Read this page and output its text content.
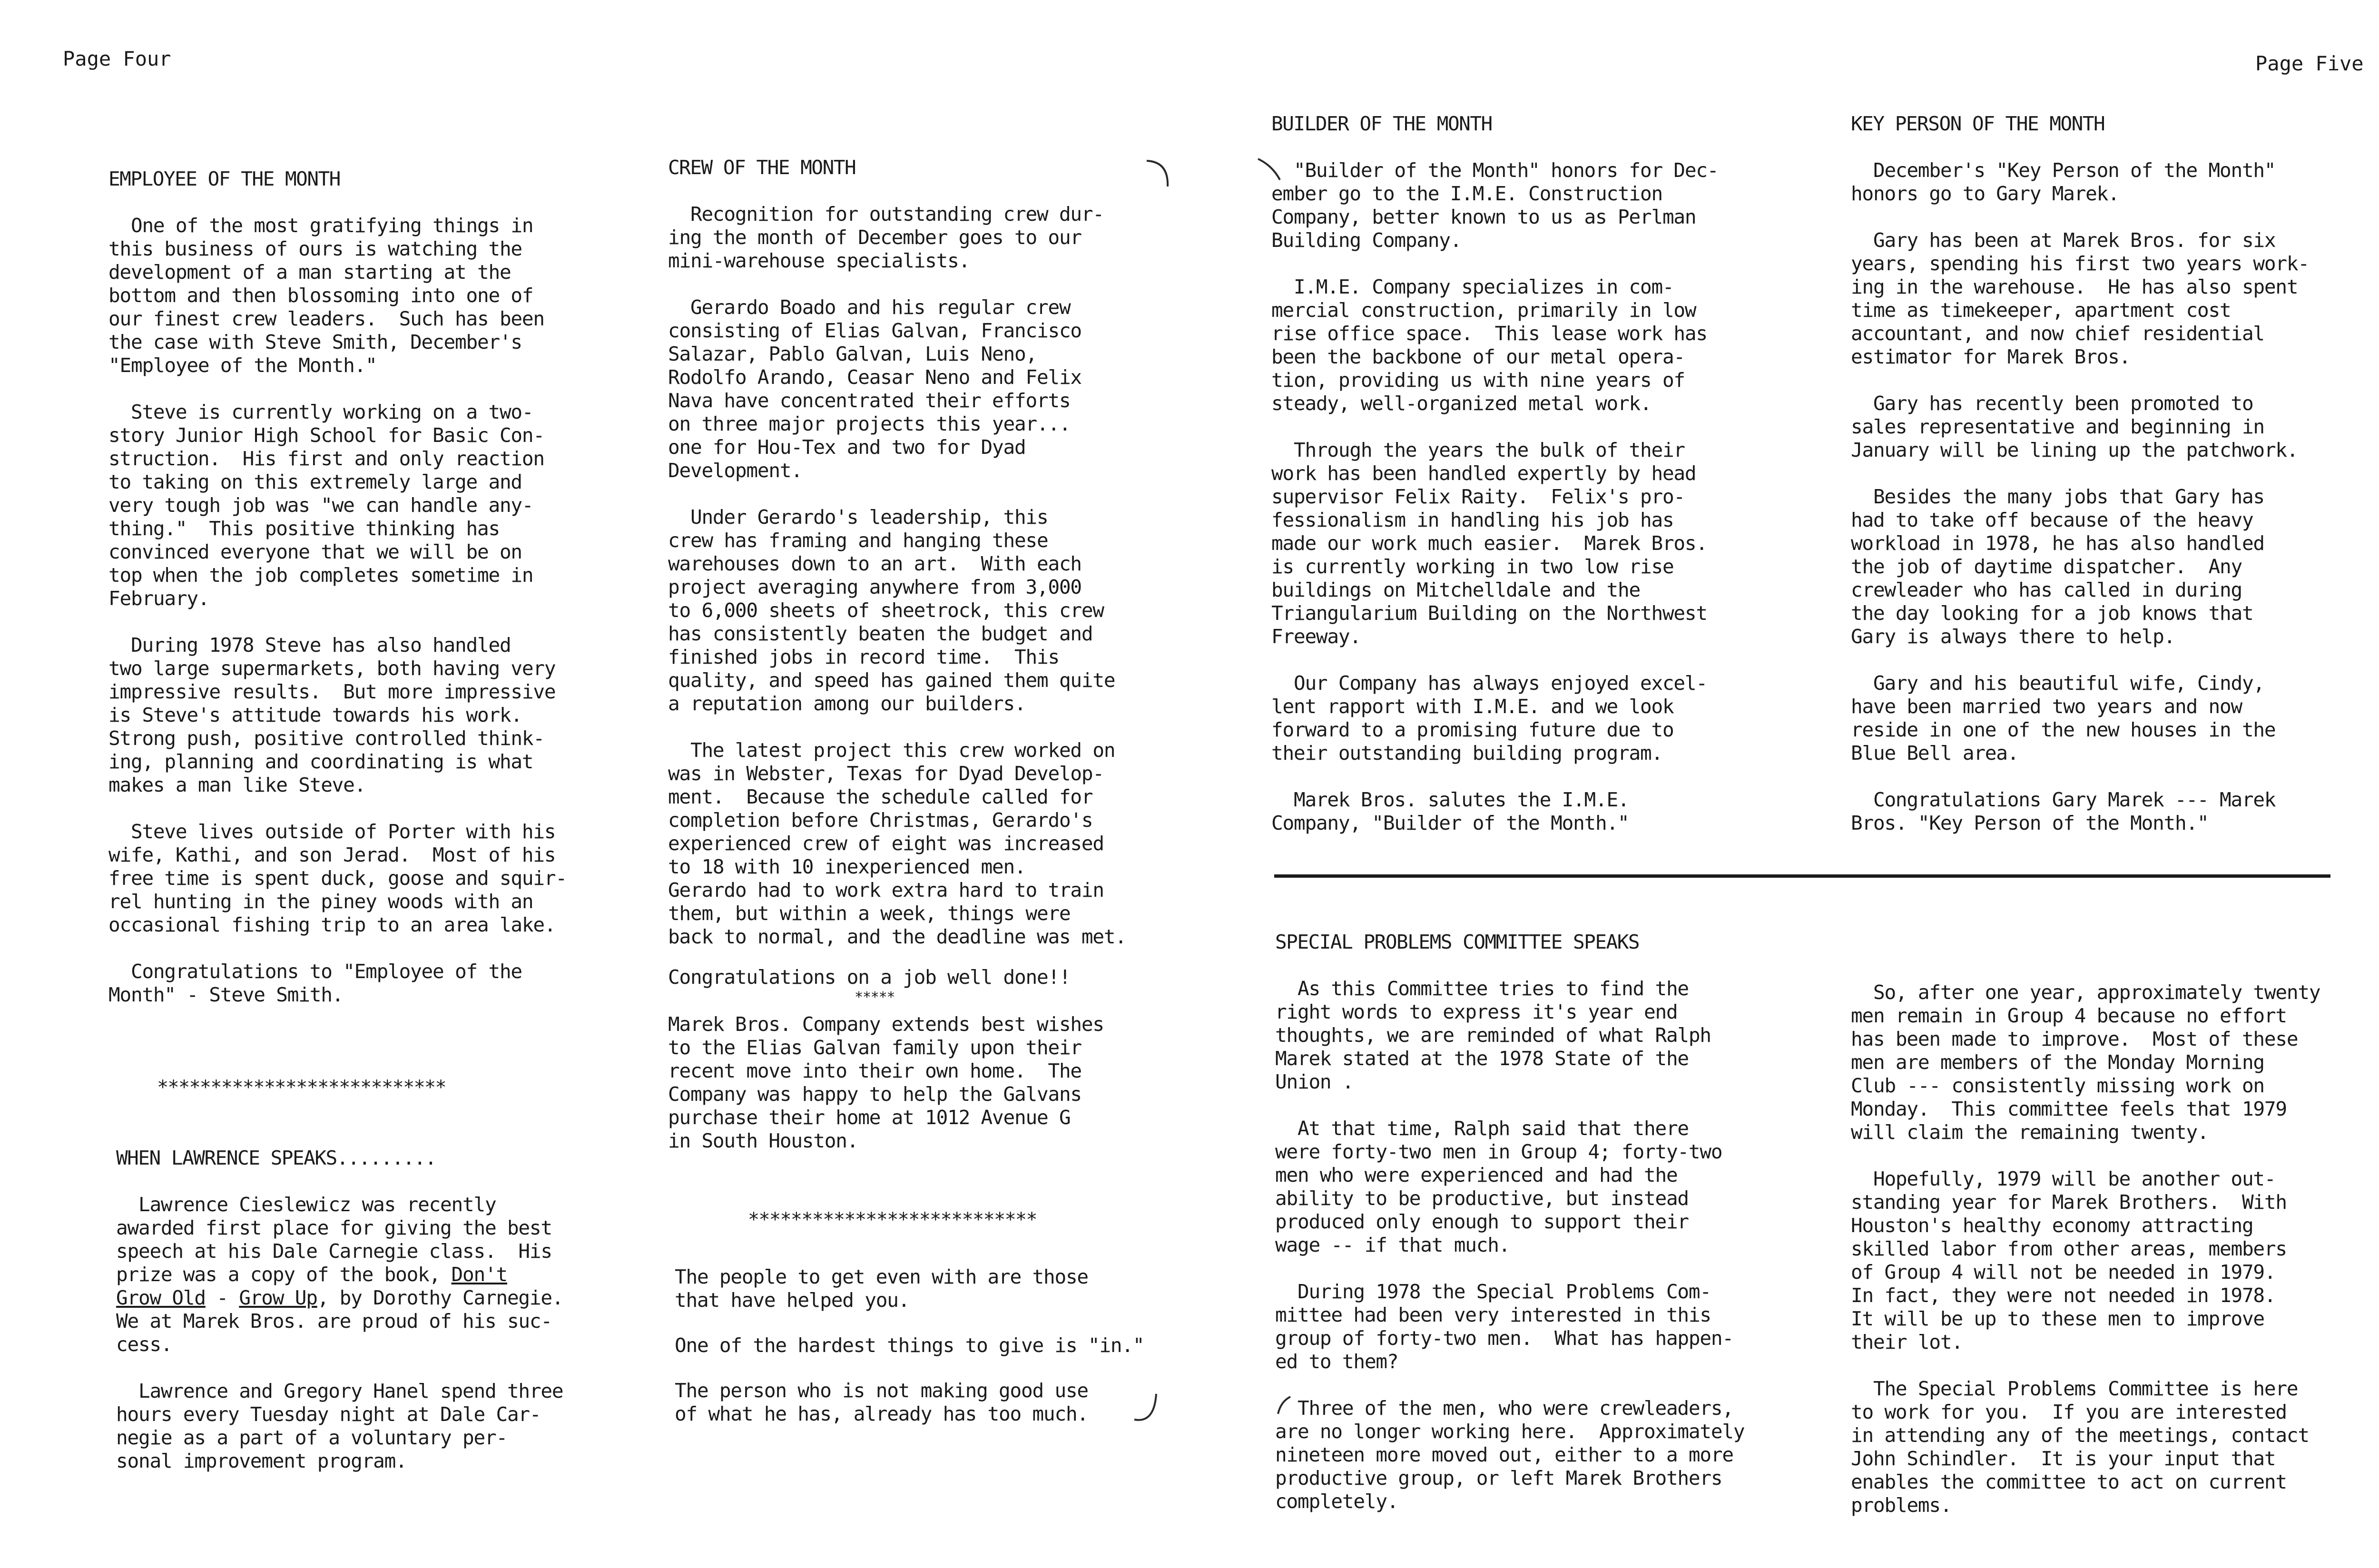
Page Four	Page Five
EMPLOYEE OF THE MONTH
One of the most gratifying things in
this business of ours is watching the
development of a man starting at the
bottom and then blossoming into one of
our finest crew leaders.  Such has been
the case with Steve Smith, December's
"Employee of the Month."
Steve is currently working on a two-
story Junior High School for Basic Con-
struction.  His first and only reaction
to taking on this extremely large and
very tough job was "we can handle any-
thing."  This positive thinking has
convinced everyone that we will be on
top when the job completes sometime in
February.
During 1978 Steve has also handled
two large supermarkets, both having very
impressive results.  But more impressive
is Steve's attitude towards his work.
Strong push, positive controlled think-
ing, planning and coordinating is what
makes a man like Steve.
Steve lives outside of Porter with his
wife, Kathi, and son Jerad.  Most of his
free time is spent duck, goose and squir-
rel hunting in the piney woods with an
occasional fishing trip to an area lake.
Congratulations to "Employee of the
Month" - Steve Smith.
***************************
WHEN LAWRENCE SPEAKS.........
Lawrence Cieslewicz was recently
awarded first place for giving the best
speech at his Dale Carnegie class.  His
prize was a copy of the book, Don't
Grow Old - Grow Up, by Dorothy Carnegie.
We at Marek Bros. are proud of his suc-
cess.
Lawrence and Gregory Hanel spend three
hours every Tuesday night at Dale Car-
negie as a part of a voluntary per-
sonal improvement program.
CREW OF THE MONTH
Recognition for outstanding crew dur-
ing the month of December goes to our
mini-warehouse specialists.
Gerardo Boado and his regular crew
consisting of Elias Galvan, Francisco
Salazar, Pablo Galvan, Luis Neno,
Rodolfo Arando, Ceasar Neno and Felix
Nava have concentrated their efforts
on three major projects this year...
one for Hou-Tex and two for Dyad
Development.
Under Gerardo's leadership, this
crew has framing and hanging these
warehouses down to an art.  With each
project averaging anywhere from 3,000
to 6,000 sheets of sheetrock, this crew
has consistently beaten the budget and
finished jobs in record time.  This
quality, and speed has gained them quite
a reputation among our builders.
The latest project this crew worked on
was in Webster, Texas for Dyad Develop-
ment.  Because the schedule called for
completion before Christmas, Gerardo's
experienced crew of eight was increased
to 18 with 10 inexperienced men.
Gerardo had to work extra hard to train
them, but within a week, things were
back to normal, and the deadline was met.
Congratulations on a job well done!!
*****
Marek Bros. Company extends best wishes
to the Elias Galvan family upon their
recent move into their own home.  The
Company was happy to help the Galvans
purchase their home at 1012 Avenue G
in South Houston.
***************************
The people to get even with are those
that have helped you.
One of the hardest things to give is "in."
The person who is not making good use
of what he has, already has too much.
BUILDER OF THE MONTH
"Builder of the Month" honors for Dec-
ember go to the I.M.E. Construction
Company, better known to us as Perlman
Building Company.
I.M.E. Company specializes in com-
mercial construction, primarily in low
rise office space.  This lease work has
been the backbone of our metal opera-
tion, providing us with nine years of
steady, well-organized metal work.
Through the years the bulk of their
work has been handled expertly by head
supervisor Felix Raity.  Felix's pro-
fessionalism in handling his job has
made our work much easier.  Marek Bros.
is currently working in two low rise
buildings on Mitchelldale and the
Triangularium Building on the Northwest
Freeway.
Our Company has always enjoyed excel-
lent rapport with I.M.E. and we look
forward to a promising future due to
their outstanding building program.
Marek Bros. salutes the I.M.E.
Company, "Builder of the Month."
KEY PERSON OF THE MONTH
December's "Key Person of the Month"
honors go to Gary Marek.
Gary has been at Marek Bros. for six
years, spending his first two years work-
ing in the warehouse.  He has also spent
time as timekeeper, apartment cost
accountant, and now chief residential
estimator for Marek Bros.
Gary has recently been promoted to
sales representative and beginning in
January will be lining up the patchwork.
Besides the many jobs that Gary has
had to take off because of the heavy
workload in 1978, he has also handled
the job of daytime dispatcher.  Any
crewleader who has called in during
the day looking for a job knows that
Gary is always there to help.
Gary and his beautiful wife, Cindy,
have been married two years and now
reside in one of the new houses in the
Blue Bell area.
Congratulations Gary Marek --- Marek
Bros. "Key Person of the Month."
SPECIAL PROBLEMS COMMITTEE SPEAKS
As this Committee tries to find the
right words to express it's year end
thoughts, we are reminded of what Ralph
Marek stated at the 1978 State of the
Union .
At that time, Ralph said that there
were forty-two men in Group 4; forty-two
men who were experienced and had the
ability to be productive, but instead
produced only enough to support their
wage -- if that much.
During 1978 the Special Problems Com-
mittee had been very interested in this
group of forty-two men.  What has happen-
ed to them?
Three of the men, who were crewleaders,
are no longer working here.  Approximately
nineteen more moved out, either to a more
productive group, or left Marek Brothers
completely.
So, after one year, approximately twenty
men remain in Group 4 because no effort
has been made to improve.  Most of these
men are members of the Monday Morning
Club --- consistently missing work on
Monday.  This committee feels that 1979
will claim the remaining twenty.
Hopefully, 1979 will be another out-
standing year for Marek Brothers.  With
Houston's healthy economy attracting
skilled labor from other areas, members
of Group 4 will not be needed in 1979.
In fact, they were not needed in 1978.
It will be up to these men to improve
their lot.
The Special Problems Committee is here
to work for you.  If you are interested
in attending any of the meetings, contact
John Schindler.  It is your input that
enables the committee to act on current
problems.
